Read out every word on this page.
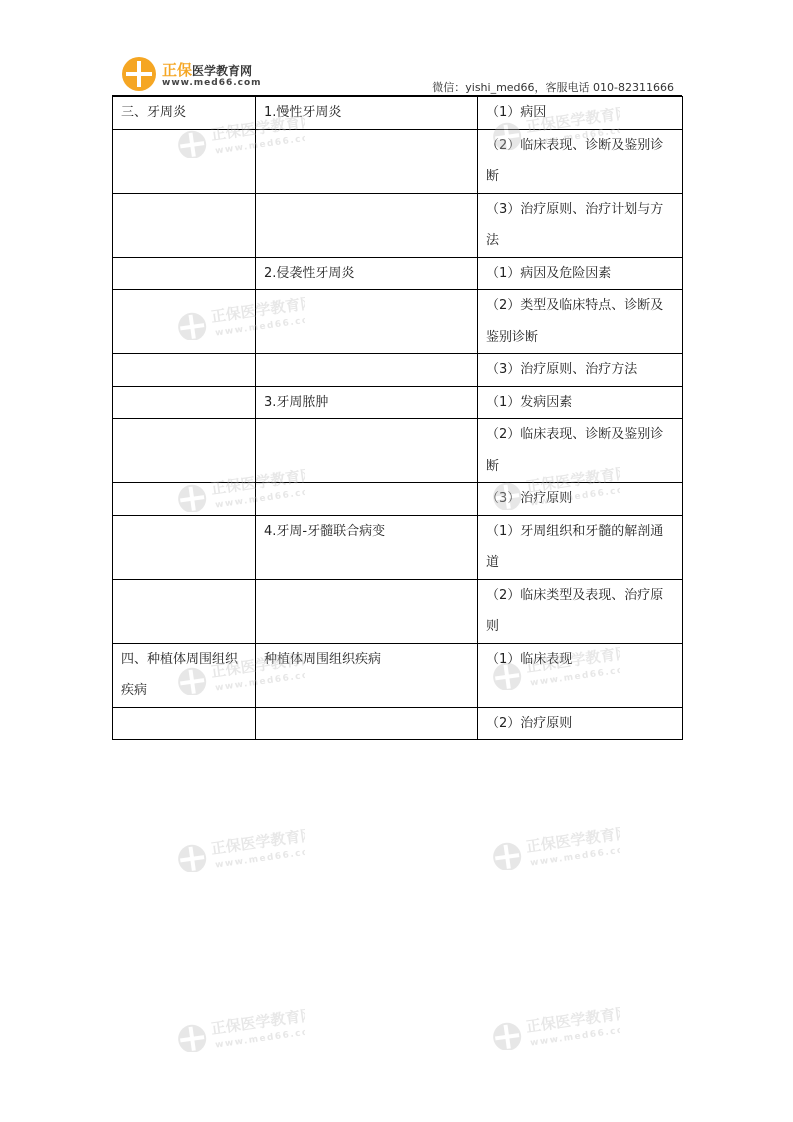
正保医学教育网
www.med66.com	微信：yishi_med66，客服电话 010-82311666
三、牙周炎	1.慢性牙周炎	（1）病因
		（2）临床表现、诊断及鉴别诊断
		（3）治疗原则、治疗计划与方法
	2.侵袭性牙周炎	（1）病因及危险因素
		（2）类型及临床特点、诊断及鉴别诊断
		（3）治疗原则、治疗方法
	3.牙周脓肿	（1）发病因素
		（2）临床表现、诊断及鉴别诊断
		（3）治疗原则
	4.牙周-牙髓联合病变	（1）牙周组织和牙髓的解剖通道
		（2）临床类型及表现、治疗原则
四、种植体周围组织疾病	种植体周围组织疾病	（1）临床表现
		（2）治疗原则
正保医学教育网
www.med66.com
正保医学教育网
www.med66.com
正保医学教育网
www.med66.com
正保医学教育网
www.med66.com
正保医学教育网
www.med66.com
正保医学教育网
www.med66.com
正保医学教育网
www.med66.com
正保医学教育网
www.med66.com
正保医学教育网
www.med66.com
正保医学教育网
www.med66.com
正保医学教育网
www.med66.com
